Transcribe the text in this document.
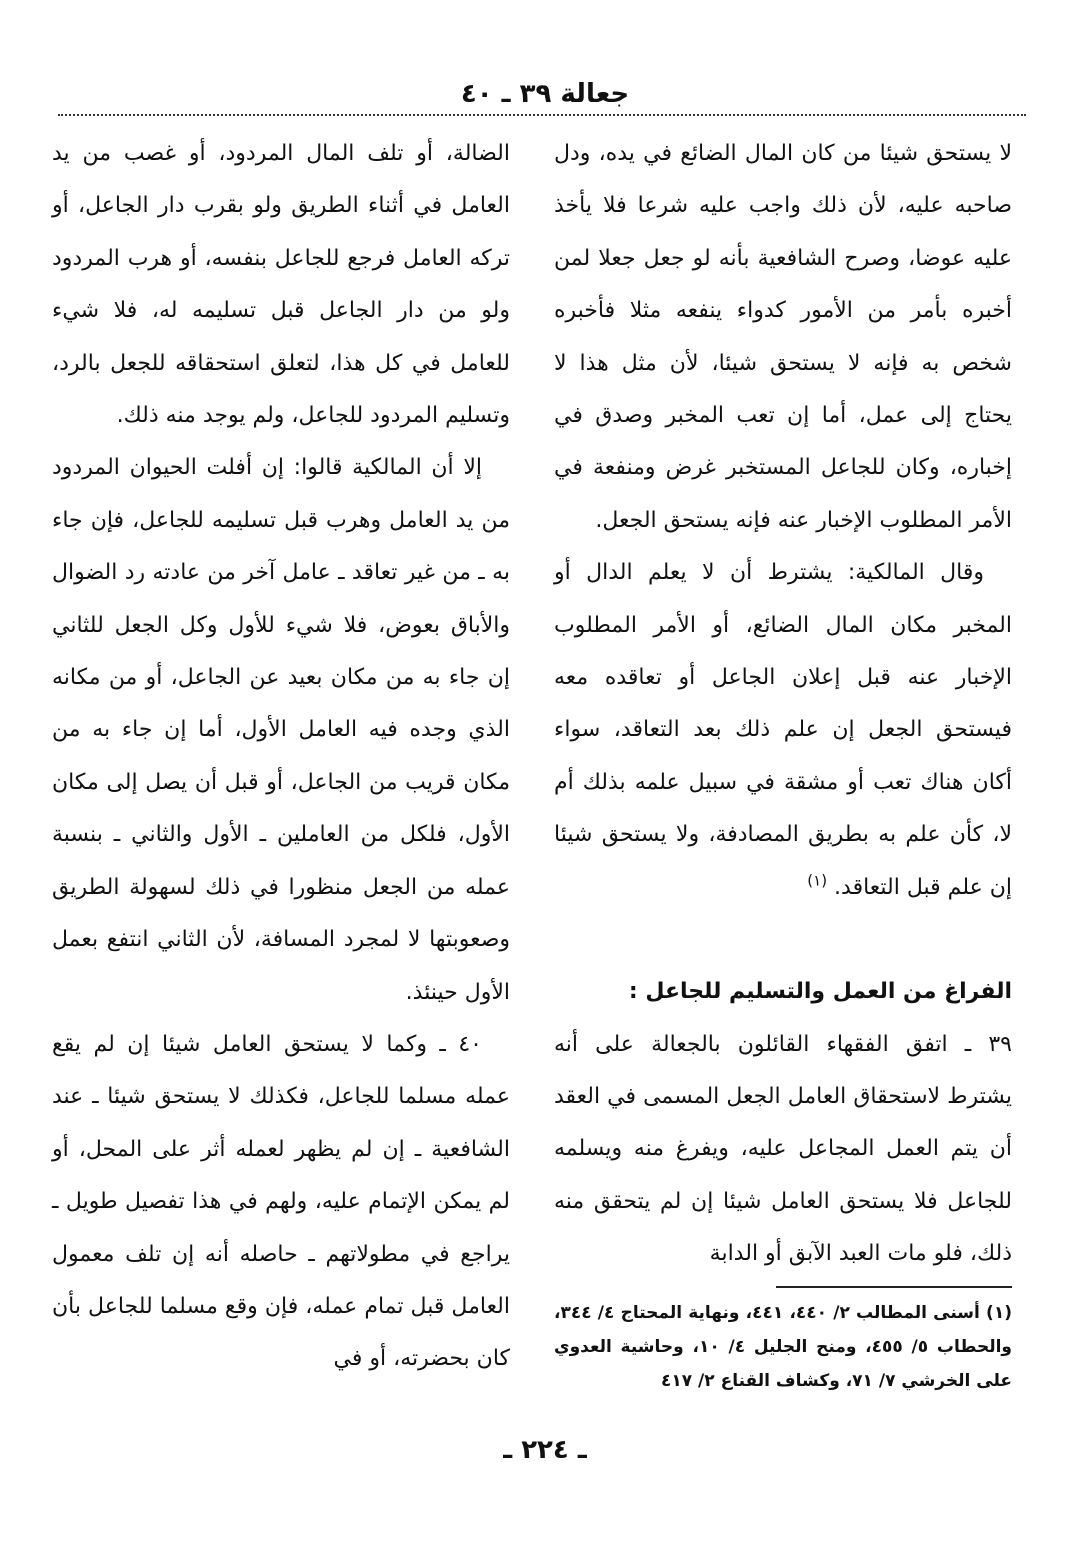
جعالة ٣٩ ـ ٤٠

لا يستحق شيئا من كان المال الضائع في يده، ودل صاحبه عليه، لأن ذلك واجب عليه شرعا فلا يأخذ عليه عوضا، وصرح الشافعية بأنه لو جعل جعلا لمن أخبره بأمر من الأمور كدواء ينفعه مثلا فأخبره شخص به فإنه لا يستحق شيئا، لأن مثل هذا لا يحتاج إلى عمل، أما إن تعب المخبر وصدق في إخباره، وكان للجاعل المستخبر غرض ومنفعة في الأمر المطلوب الإخبار عنه فإنه يستحق الجعل.

وقال المالكية: يشترط أن لا يعلم الدال أو المخبر مكان المال الضائع، أو الأمر المطلوب الإخبار عنه قبل إعلان الجاعل أو تعاقده معه فيستحق الجعل إن علم ذلك بعد التعاقد، سواء أكان هناك تعب أو مشقة في سبيل علمه بذلك أم لا، كأن علم به بطريق المصادفة، ولا يستحق شيئا إن علم قبل التعاقد. $^{(١)}$

الفراغ من العمل والتسليم للجاعل :

٣٩ ـ اتفق الفقهاء القائلون بالجعالة على أنه يشترط لاستحقاق العامل الجعل المسمى في العقد أن يتم العمل المجاعل عليه، ويفرغ منه ويسلمه للجاعل فلا يستحق العامل شيئا إن لم يتحقق منه ذلك، فلو مات العبد الآبق أو الدابة

الضالة، أو تلف المال المردود، أو غصب من يد العامل في أثناء الطريق ولو بقرب دار الجاعل، أو تركه العامل فرجع للجاعل بنفسه، أو هرب المردود ولو من دار الجاعل قبل تسليمه له، فلا شيء للعامل في كل هذا، لتعلق استحقاقه للجعل بالرد، وتسليم المردود للجاعل، ولم يوجد منه ذلك.

إلا أن المالكية قالوا: إن أفلت الحيوان المردود من يد العامل وهرب قبل تسليمه للجاعل، فإن جاء به ـ من غير تعاقد ـ عامل آخر من عادته رد الضوال والأباق بعوض، فلا شيء للأول وكل الجعل للثاني إن جاء به من مكان بعيد عن الجاعل، أو من مكانه الذي وجده فيه العامل الأول، أما إن جاء به من مكان قريب من الجاعل، أو قبل أن يصل إلى مكان الأول، فلكل من العاملين ـ الأول والثاني ـ بنسبة عمله من الجعل منظورا في ذلك لسهولة الطريق وصعوبتها لا لمجرد المسافة، لأن الثاني انتفع بعمل الأول حينئذ.

٤٠ ـ وكما لا يستحق العامل شيئا إن لم يقع عمله مسلما للجاعل، فكذلك لا يستحق شيئا ـ عند الشافعية ـ إن لم يظهر لعمله أثر على المحل، أو لم يمكن الإتمام عليه، ولهم في هذا تفصيل طويل ـ يراجع في مطولاتهم ـ حاصله أنه إن تلف معمول العامل قبل تمام عمله، فإن وقع مسلما للجاعل بأن كان بحضرته، أو في

(١) أسنى المطالب ٢/ ٤٤٠، ٤٤١، ونهاية المحتاج ٤/ ٣٤٤، والحطاب ٥/ ٤٥٥، ومنح الجليل ٤/ ١٠، وحاشية العدوي على الخرشي ٧/ ٧١، وكشاف القناع ٢/ ٤١٧
ـ ٢٢٤ ـ
